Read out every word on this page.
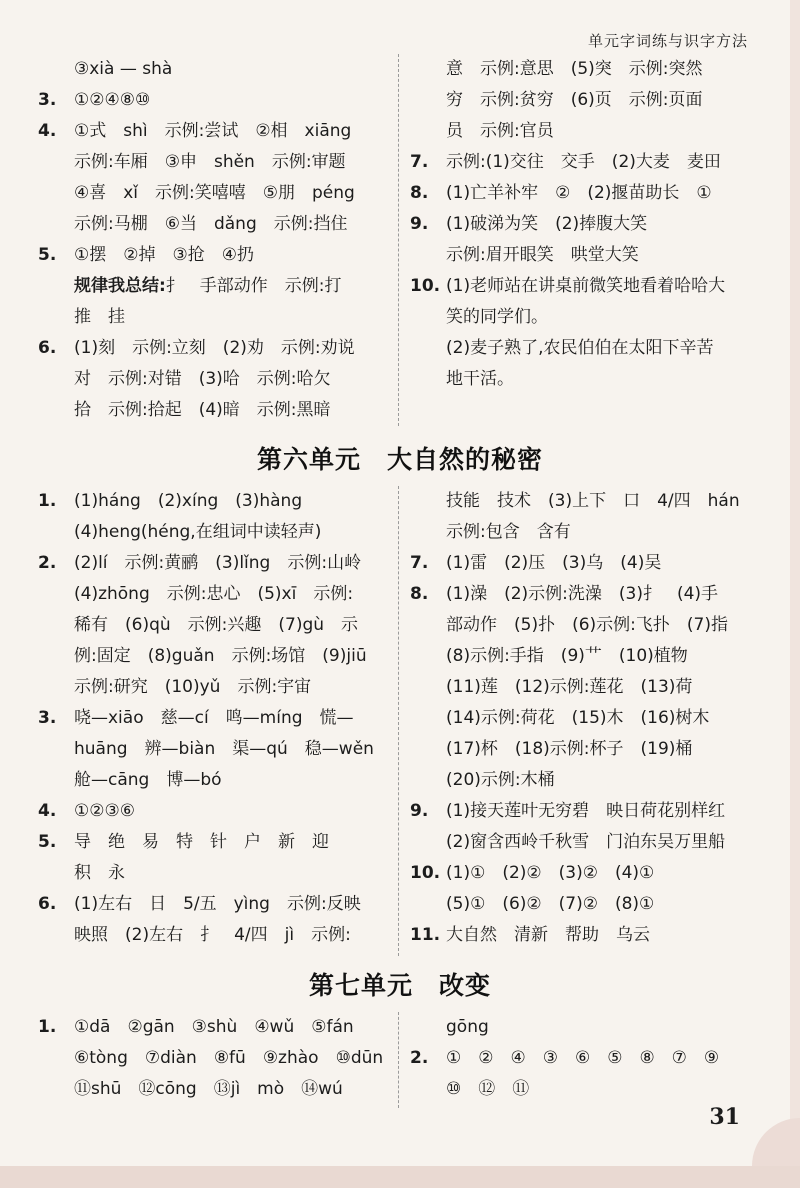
单元字词练与识字方法
③xià — shà
3.	①②④⑧⑩
4.	①式　shì　示例:尝试　②相　xiāng
示例:车厢　③申　shěn　示例:审题
④喜　xǐ　示例:笑嘻嘻　⑤朋　péng
示例:马棚　⑥当　dǎng　示例:挡住
5.	①摆　②掉　③抢　④扔
规律我总结:扌　手部动作　示例:打
推　挂
6.	(1)刻　示例:立刻　(2)劝　示例:劝说
对　示例:对错　(3)哈　示例:哈欠
拾　示例:拾起　(4)暗　示例:黑暗
意　示例:意思　(5)突　示例:突然
穷　示例:贫穷　(6)页　示例:页面
员　示例:官员
7.	示例:(1)交往　交手　(2)大麦　麦田
8.	(1)亡羊补牢　②　(2)揠苗助长　①
9.	(1)破涕为笑　(2)捧腹大笑
示例:眉开眼笑　哄堂大笑
10. (1)老师站在讲桌前微笑地看着哈哈大
笑的同学们。
(2)麦子熟了,农民伯伯在太阳下辛苦
地干活。
第六单元　大自然的秘密
1.	(1)háng　(2)xíng　(3)hàng
(4)heng(héng,在组词中读轻声)
2.	(2)lí　示例:黄鹂　(3)lǐng　示例:山岭
(4)zhōng　示例:忠心　(5)xī　示例:
稀有　(6)qù　示例:兴趣　(7)gù　示
例:固定　(8)guǎn　示例:场馆　(9)jiū
示例:研究　(10)yǔ　示例:宇宙
3.	哓—xiāo　慈—cí　鸣—míng　慌—
huāng　辨—biàn　渠—qú　稳—wěn
舱—cāng　博—bó
4.	①②③⑥
5.	导　绝　易　特　针　户　新　迎
积　永
6.	(1)左右　日　5/五　yìng　示例:反映
映照　(2)左右　扌　4/四　jì　示例:
技能　技术　(3)上下　口　4/四　hán
示例:包含　含有
7.	(1)雷　(2)压　(3)乌　(4)吴
8.	(1)澡　(2)示例:洗澡　(3)扌　(4)手
部动作　(5)扑　(6)示例:飞扑　(7)指
(8)示例:手指　(9)艹　(10)植物
(11)莲　(12)示例:莲花　(13)荷
(14)示例:荷花　(15)木　(16)树木
(17)杯　(18)示例:杯子　(19)桶
(20)示例:木桶
9.	(1)接天莲叶无穷碧　映日荷花别样红
(2)窗含西岭千秋雪　门泊东吴万里船
10. (1)①　(2)②　(3)②　(4)①
(5)①　(6)②　(7)②　(8)①
11. 大自然　清新　帮助　乌云
第七单元　改变
1.	①dā　②gān　③shù　④wǔ　⑤fán
⑥tòng　⑦diàn　⑧fū　⑨zhào　⑩dūn
⑪shū　⑫cōng　⑬jì　mò　⑭wú
gōng
2.	①　②　④　③　⑥　⑤　⑧　⑦　⑨
⑩　⑫　⑪
31
